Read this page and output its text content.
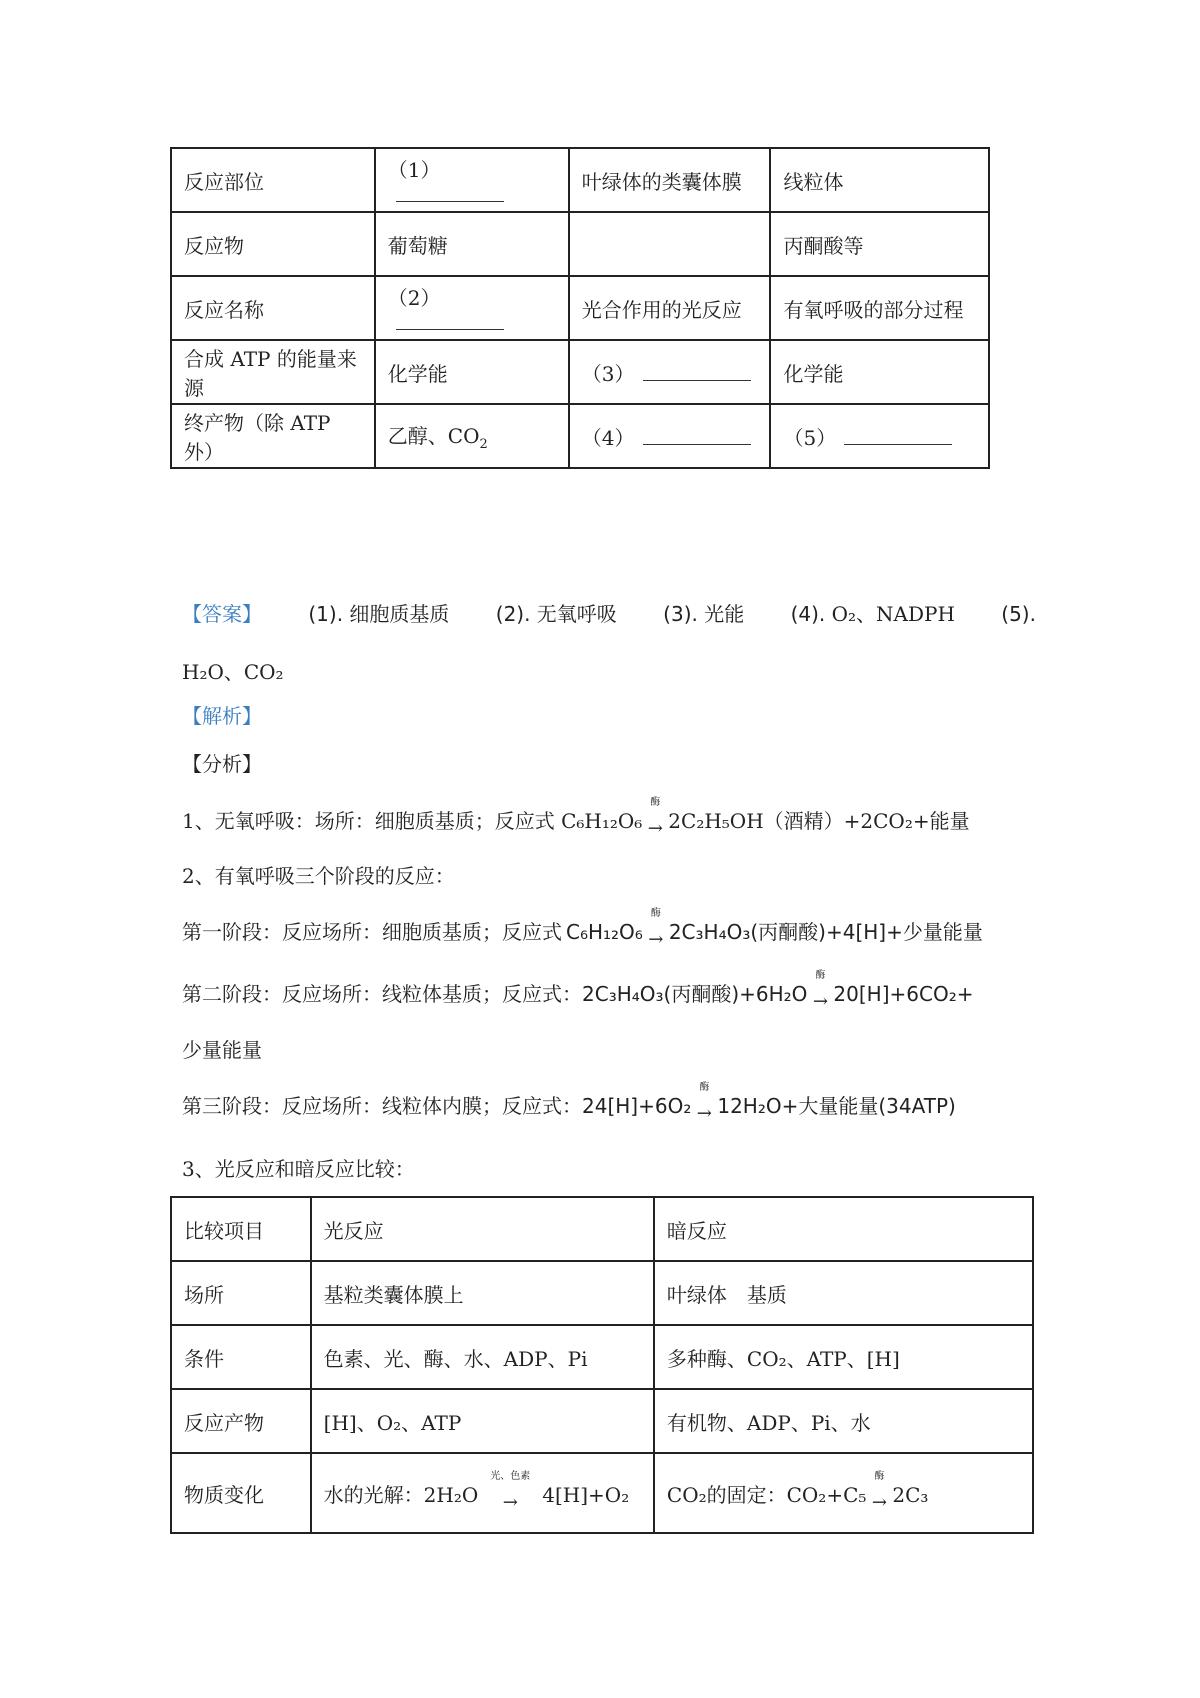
反应部位	（1）	叶绿体的类囊体膜	线粒体
反应物	葡萄糖		丙酮酸等
反应名称	（2）	光合作用的光反应	有氧呼吸的部分过程
合成 ATP 的能量来源	化学能	（3）	化学能
终产物（除 ATP 外）	乙醇、$CO_2$	（4）	（5）
【答案】 (1). 细胞质基质 (2). 无氧呼吸 (3). 光能 (4). O₂、NADPH (5).
H₂O、CO₂
【解析】
【分析】
1、无氧呼吸：场所：细胞质基质；反应式 C₆H₁₂O₆
酶
→ 2C₂H₅OH（酒精）+2CO₂+能量
2、有氧呼吸三个阶段的反应：
第一阶段：反应场所：细胞质基质；反应式 C₆H₁₂O₆
酶
→ 2C₃H₄O₃(丙酮酸)+4[H]+少量能量
第二阶段：反应场所：线粒体基质；反应式：2C₃H₄O₃(丙酮酸)+6H₂O
酶
→ 20[H]+6CO₂+
少量能量
第三阶段：反应场所：线粒体内膜；反应式：24[H]+6O₂
酶
→ 12H₂O+大量能量(34ATP)
3、光反应和暗反应比较：
比较项目	光反应	暗反应
场所	基粒类囊体膜上	叶绿体　基质
条件	色素、光、酶、水、ADP、Pi	多种酶、CO₂、ATP、[H]
反应产物	[H]、O₂、ATP	有机物、ADP、Pi、水
物质变化	水的光解：2H₂O
光、色素
→ 4[H]+O₂	CO₂的固定：CO₂+C₅
酶
→ 2C₃
